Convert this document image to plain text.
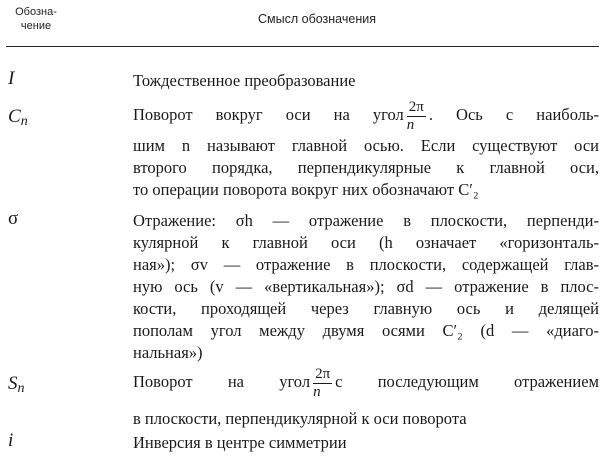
Обозна-
чение	Смысл обозначения
I	Тождественное преобразование
$C_n$	Поворот вокруг оси на угол $\frac{2\pi}{n}$ . Ось с наиболь-
шим n называют главной осью. Если существуют оси
второго порядка, перпендикулярные к главной оси,
то операции поворота вокруг них обозначают C′₂
σ	Отражение: σh — отражение в плоскости, перпенди-
кулярной к главной оси (h означает «горизонталь-
ная»); σv — отражение в плоскости, содержащей глав-
ную ось (v — «вертикальная»); σd — отражение в плос-
кости, проходящей через главную ось и делящей
пополам угол между двумя осями C′₂ (d — «диаго-
нальная»)
$S_n$	Поворот на угол $\frac{2\pi}{n}$ с последующим отражением
в плоскости, перпендикулярной к оси поворота
i	Инверсия в центре симметрии
